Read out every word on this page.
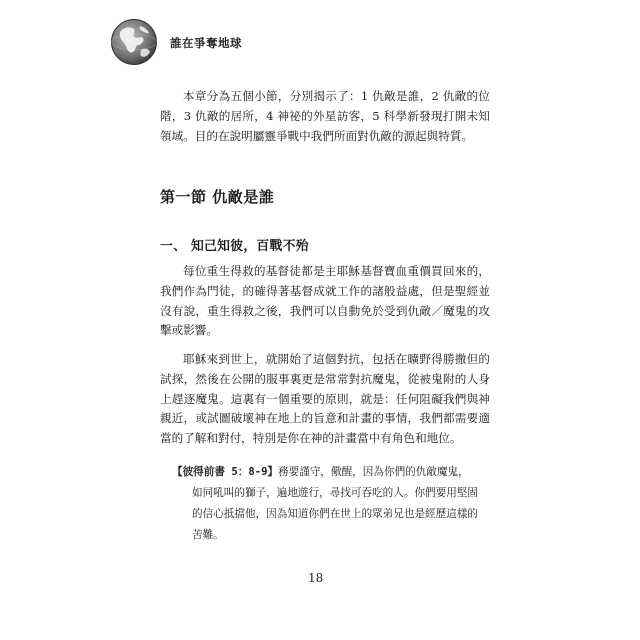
誰在爭奪地球

本章分為五個小節，分別揭示了：1 仇敵是誰，2 仇敵的位階，3 仇敵的居所，4 神祕的外星訪客，5 科學新發現打開未知領域。目的在說明屬靈爭戰中我們所面對仇敵的源起與特質。

第一節 仇敵是誰
一、 知己知彼，百戰不殆

每位重生得救的基督徒都是主耶穌基督寶血重價買回來的，我們作為門徒，的確得著基督成就工作的諸般益處，但是聖經並沒有說，重生得救之後，我們可以自動免於受到仇敵／魔鬼的攻擊或影響。

耶穌來到世上，就開始了這個對抗，包括在曠野得勝撒但的試探，然後在公開的服事裏更是常常對抗魔鬼，從被鬼附的人身上趕逐魔鬼。這裏有一個重要的原則，就是：任何阻礙我們與神親近，或試圖破壞神在地上的旨意和計畫的事情，我們都需要適當的了解和對付，特別是你在神的計畫當中有角色和地位。

【彼得前書 5：8-9】務要謹守，儆醒，因為你們的仇敵魔鬼，
如同吼叫的獅子，遍地遊行，尋找可吞吃的人。你們要用堅固
的信心抵擋他，因為知道你們在世上的眾弟兄也是經歷這樣的
苦難。
18
